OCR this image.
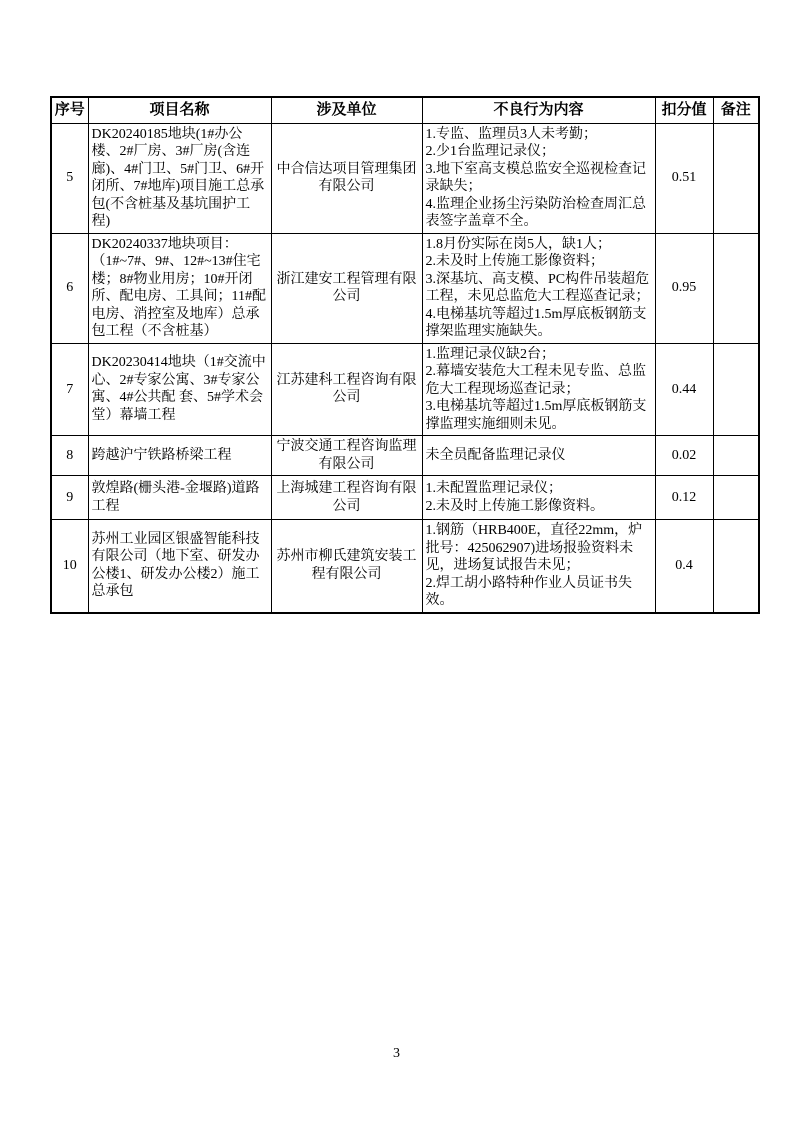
序号	项目名称	涉及单位	不良行为内容	扣分值	备注
5	DK20240185地块(1#办公楼、2#厂房、3#厂房(含连廊)、4#门卫、5#门卫、6#开闭所、7#地库)项目施工总承包(不含桩基及基坑围护工程)	中合信达项目管理集团有限公司	1.专监、监理员3人未考勤；

2.少1台监理记录仪；

3.地下室高支模总监安全巡视检查记录缺失；

4.监理企业扬尘污染防治检查周汇总表签字盖章不全。	0.51	
6	DK20240337地块项目：（1#~7#、9#、12#~13#住宅楼；8#物业用房；10#开闭所、配电房、工具间；11#配电房、消控室及地库）总承包工程（不含桩基）	浙江建安工程管理有限公司	1.8月份实际在岗5人，缺1人；

2.未及时上传施工影像资料；

3.深基坑、高支模、PC构件吊装超危工程，未见总监危大工程巡查记录；4.电梯基坑等超过1.5m厚底板钢筋支撑架监理实施缺失。	0.95	
7	DK20230414地块（1#交流中心、2#专家公寓、3#专家公寓、4#公共配 套、5#学术会堂）幕墙工程	江苏建科工程咨询有限公司	1.监理记录仪缺2台；

2.幕墙安装危大工程未见专监、总监危大工程现场巡查记录；

3.电梯基坑等超过1.5m厚底板钢筋支撑监理实施细则未见。	0.44	
8	跨越沪宁铁路桥梁工程	宁波交通工程咨询监理有限公司	未全员配备监理记录仪	0.02	
9	敦煌路(栅头港-金堰路)道路工程	上海城建工程咨询有限公司	1.未配置监理记录仪；

2.未及时上传施工影像资料。	0.12	
10	苏州工业园区银盛智能科技有限公司（地下室、研发办公楼1、研发办公楼2）施工总承包	苏州市柳氏建筑安装工程有限公司	1.钢筋（HRB400E，直径22mm，炉批号：425062907)进场报验资料未见，进场复试报告未见；

2.焊工胡小路特种作业人员证书失效。	0.4	
3
